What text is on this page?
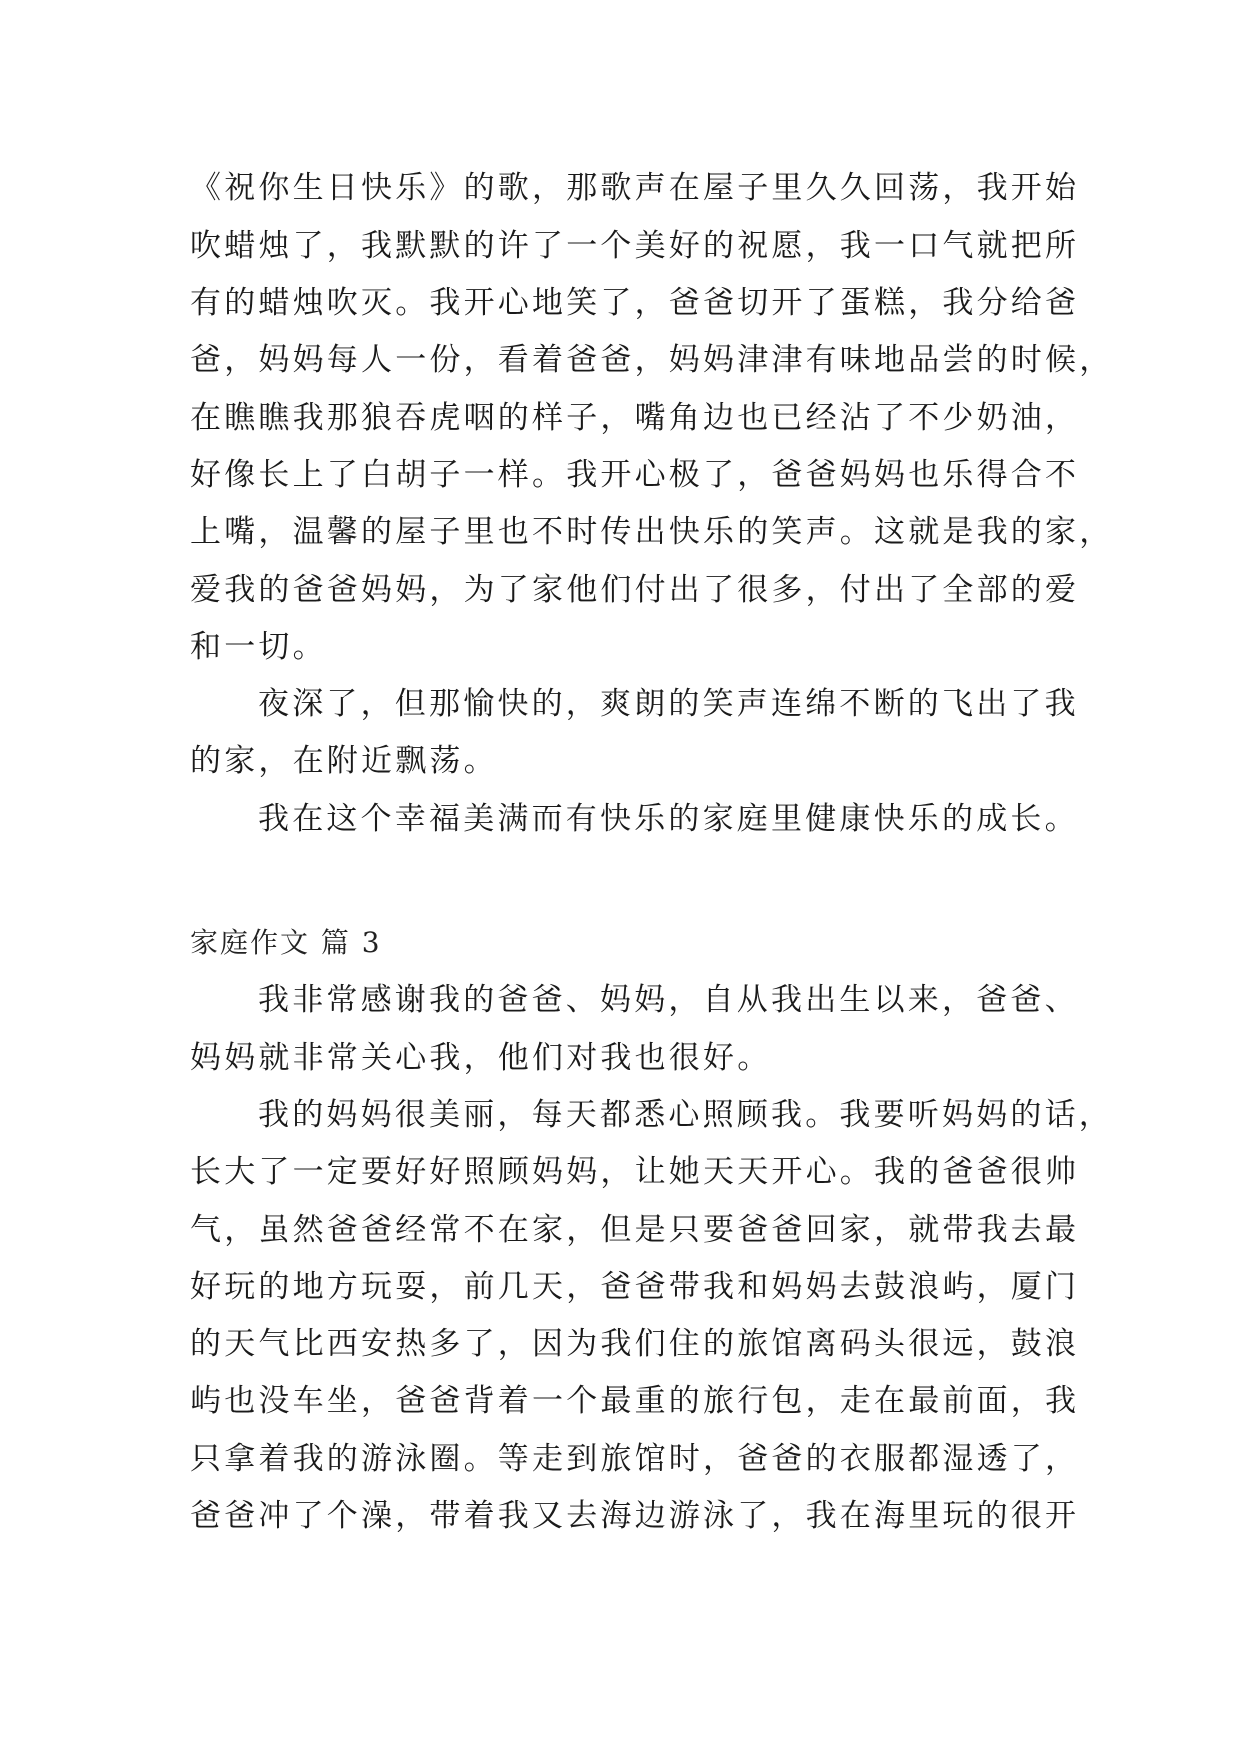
《祝你生日快乐》的歌，那歌声在屋子里久久回荡，我开始
吹蜡烛了，我默默的许了一个美好的祝愿，我一口气就把所
有的蜡烛吹灭。我开心地笑了，爸爸切开了蛋糕，我分给爸
爸，妈妈每人一份，看着爸爸，妈妈津津有味地品尝的时候，
在瞧瞧我那狼吞虎咽的样子，嘴角边也已经沾了不少奶油，
好像长上了白胡子一样。我开心极了，爸爸妈妈也乐得合不
上嘴，温馨的屋子里也不时传出快乐的笑声。这就是我的家，
爱我的爸爸妈妈，为了家他们付出了很多，付出了全部的爱
和一切。
夜深了，但那愉快的，爽朗的笑声连绵不断的飞出了我
的家，在附近飘荡。
我在这个幸福美满而有快乐的家庭里健康快乐的成长。
家庭作文 篇 3
我非常感谢我的爸爸、妈妈，自从我出生以来，爸爸、
妈妈就非常关心我，他们对我也很好。
我的妈妈很美丽，每天都悉心照顾我。我要听妈妈的话，
长大了一定要好好照顾妈妈，让她天天开心。我的爸爸很帅
气，虽然爸爸经常不在家，但是只要爸爸回家，就带我去最
好玩的地方玩耍，前几天，爸爸带我和妈妈去鼓浪屿，厦门
的天气比西安热多了，因为我们住的旅馆离码头很远，鼓浪
屿也没车坐，爸爸背着一个最重的旅行包，走在最前面，我
只拿着我的游泳圈。等走到旅馆时，爸爸的衣服都湿透了，
爸爸冲了个澡，带着我又去海边游泳了，我在海里玩的很开
